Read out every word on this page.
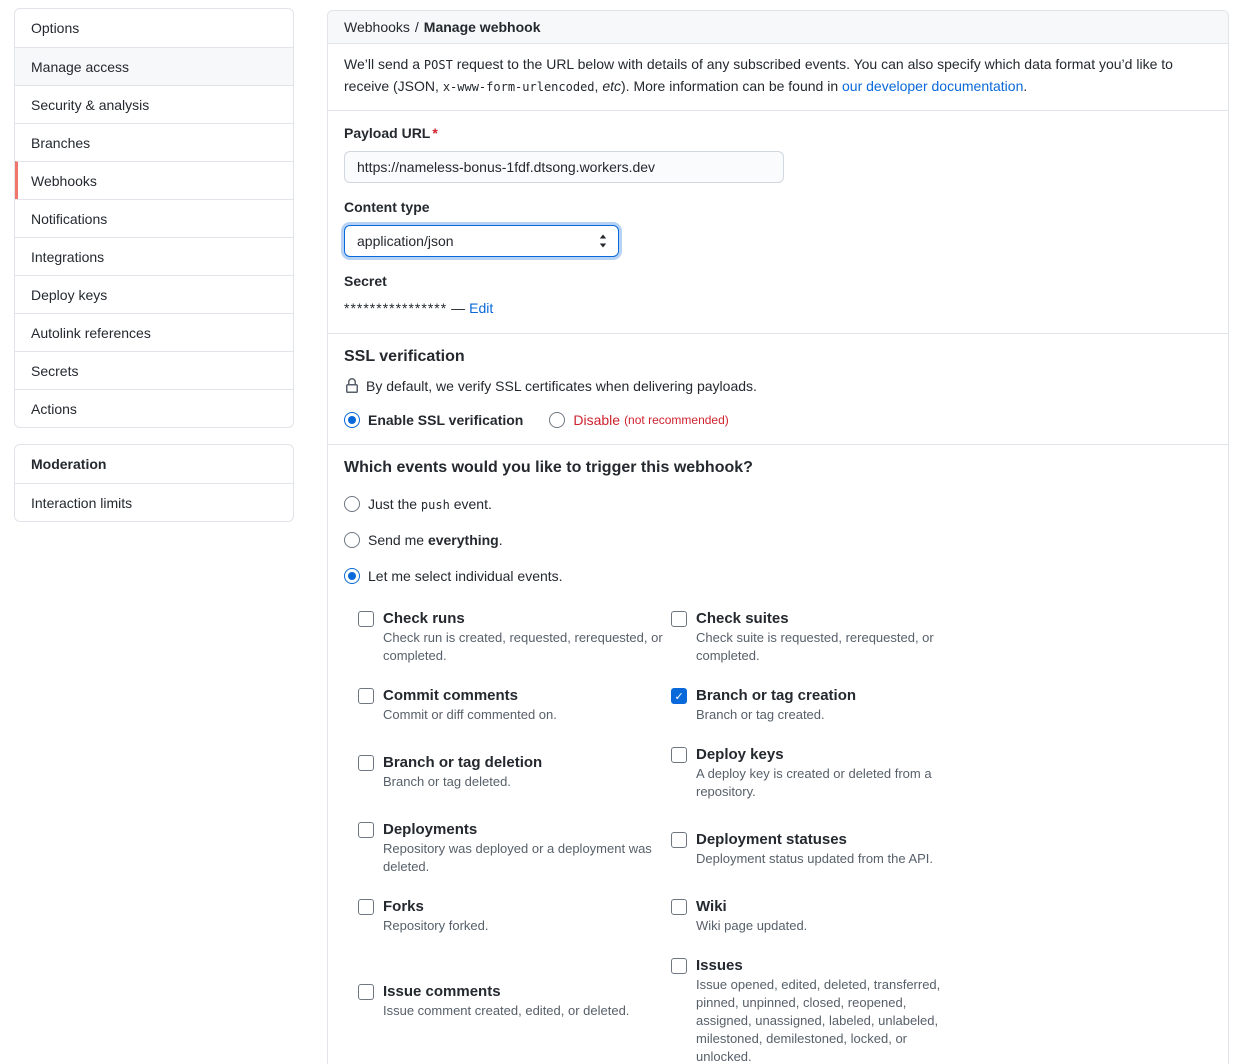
Options
Manage access
Security & analysis
Branches
Webhooks
Notifications
Integrations
Deploy keys
Autolink references
Secrets
Actions
Moderation
Interaction limits
Webhooks / Manage webhook
We’ll send a POST request to the URL below with details of any subscribed events. You can also specify which data format you’d like to receive (JSON, x-www-form-urlencoded, etc). More information can be found in our developer documentation.
Payload URL *
https://nameless-bonus-1fdf.dtsong.workers.dev
Content type
application/json
Secret
**************** — Edit
SSL verification
By default, we verify SSL certificates when delivering payloads.
Enable SSL verification	Disable (not recommended)
Which events would you like to trigger this webhook?
Just the push event.
Send me everything.
Let me select individual events.
Check runs
Check run is created, requested, rerequested, or completed.
Commit comments
Commit or diff commented on.
Branch or tag deletion
Branch or tag deleted.
Deployments
Repository was deployed or a deployment was deleted.
Forks
Repository forked.
Issue comments
Issue comment created, edited, or deleted.
Check suites
Check suite is requested, rerequested, or completed.
✓
Branch or tag creation
Branch or tag created.
Deploy keys
A deploy key is created or deleted from a repository.
Deployment statuses
Deployment status updated from the API.
Wiki
Wiki page updated.
Issues
Issue opened, edited, deleted, transferred, pinned, unpinned, closed, reopened, assigned, unassigned, labeled, unlabeled, milestoned, demilestoned, locked, or unlocked.
